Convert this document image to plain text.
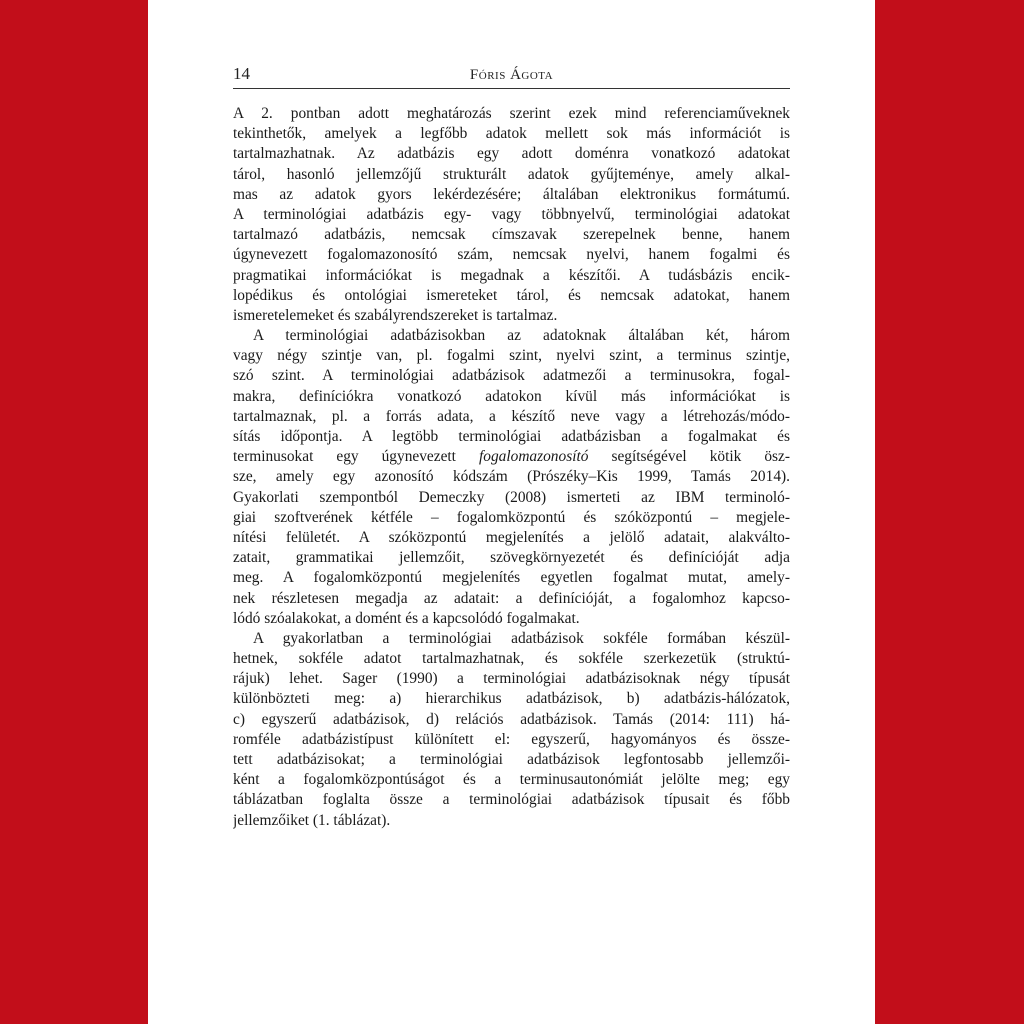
14	Fóris Ágota
A 2. pontban adott meghatározás szerint ezek mind referenciaműveknek
tekinthetők, amelyek a legfőbb adatok mellett sok más információt is
tartalmazhatnak. Az adatbázis egy adott doménra vonatkozó adatokat
tárol, hasonló jellemzőjű strukturált adatok gyűjteménye, amely alkal-
mas az adatok gyors lekérdezésére; általában elektronikus formátumú.
A terminológiai adatbázis egy- vagy többnyelvű, terminológiai adatokat
tartalmazó adatbázis, nemcsak címszavak szerepelnek benne, hanem
úgynevezett fogalomazonosító szám, nemcsak nyelvi, hanem fogalmi és
pragmatikai információkat is megadnak a készítői. A tudásbázis encik-
lopédikus és ontológiai ismereteket tárol, és nemcsak adatokat, hanem
ismeretelemeket és szabályrendszereket is tartalmaz.
A terminológiai adatbázisokban az adatoknak általában két, három
vagy négy szintje van, pl. fogalmi szint, nyelvi szint, a terminus szintje,
szó szint. A terminológiai adatbázisok adatmezői a terminusokra, fogal-
makra, definíciókra vonatkozó adatokon kívül más információkat is
tartalmaznak, pl. a forrás adata, a készítő neve vagy a létrehozás/módo-
sítás időpontja. A legtöbb terminológiai adatbázisban a fogalmakat és
terminusokat egy úgynevezett fogalomazonosító segítségével kötik ösz-
sze, amely egy azonosító kódszám (Prószéky–Kis 1999, Tamás 2014).
Gyakorlati szempontból Demeczky (2008) ismerteti az IBM terminoló-
giai szoftverének kétféle – fogalomközpontú és szóközpontú – megjele-
nítési felületét. A szóközpontú megjelenítés a jelölő adatait, alakválto-
zatait, grammatikai jellemzőit, szövegkörnyezetét és definícióját adja
meg. A fogalomközpontú megjelenítés egyetlen fogalmat mutat, amely-
nek részletesen megadja az adatait: a definícióját, a fogalomhoz kapcso-
lódó szóalakokat, a domént és a kapcsolódó fogalmakat.
A gyakorlatban a terminológiai adatbázisok sokféle formában készül-
hetnek, sokféle adatot tartalmazhatnak, és sokféle szerkezetük (struktú-
rájuk) lehet. Sager (1990) a terminológiai adatbázisoknak négy típusát
különbözteti meg: a) hierarchikus adatbázisok, b) adatbázis-hálózatok,
c) egyszerű adatbázisok, d) relációs adatbázisok. Tamás (2014: 111) há-
romféle adatbázistípust különített el: egyszerű, hagyományos és össze-
tett adatbázisokat; a terminológiai adatbázisok legfontosabb jellemzői-
ként a fogalomközpontúságot és a terminusautonómiát jelölte meg; egy
táblázatban foglalta össze a terminológiai adatbázisok típusait és főbb
jellemzőiket (1. táblázat).
